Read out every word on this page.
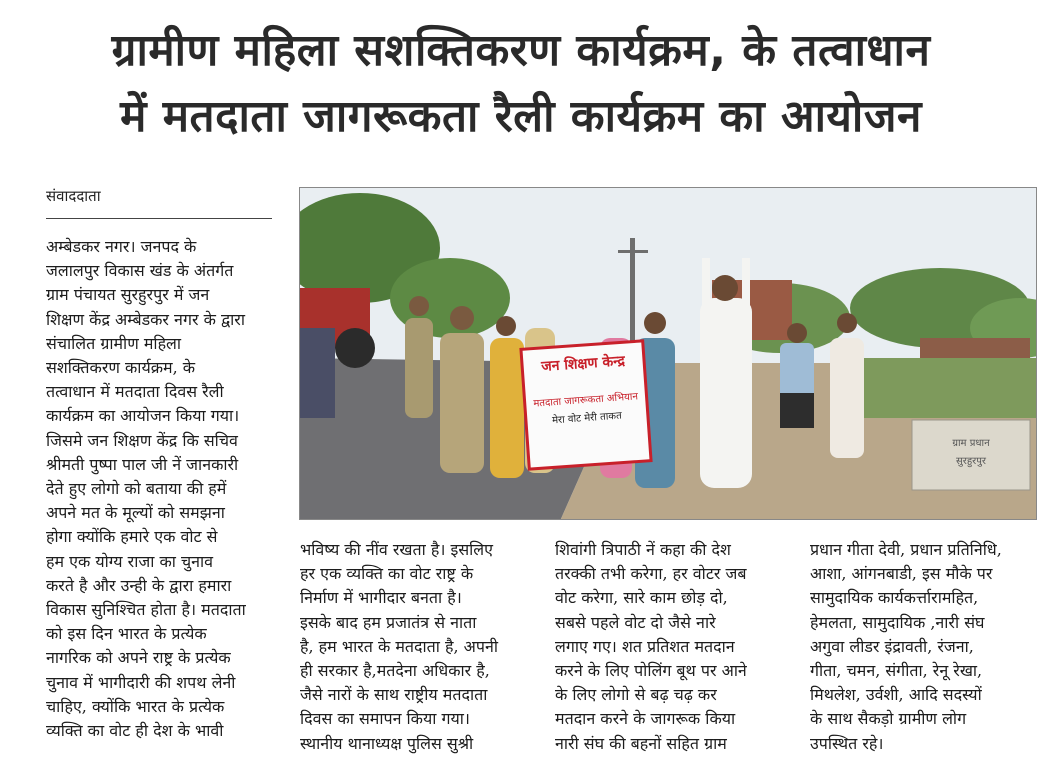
ग्रामीण महिला सशक्तिकरण कार्यक्रम, के तत्वाधान
में मतदाता जागरूकता रैली कार्यक्रम का आयोजन
संवाददाता
अम्बेडकर नगर। जनपद के
जलालपुर विकास खंड के अंतर्गत
ग्राम पंचायत सुरहुरपुर में जन
शिक्षण केंद्र अम्बेडकर नगर के द्वारा
संचालित ग्रामीण महिला
सशक्तिकरण कार्यक्रम, के
तत्वाधान में मतदाता दिवस रैली
कार्यक्रम का आयोजन किया गया।
जिसमे जन शिक्षण केंद्र कि सचिव
श्रीमती पुष्पा पाल जी नें जानकारी
देते हुए लोगो को बताया की हमें
अपने मत के मूल्यों को समझना
होगा क्योंकि हमारे एक वोट से
हम एक योग्य राजा का चुनाव
करते है और उन्ही के द्वारा हमारा
विकास सुनिश्चित होता है। मतदाता
को इस दिन भारत के प्रत्येक
नागरिक को अपने राष्ट्र के प्रत्येक
चुनाव में भागीदारी की शपथ लेनी
चाहिए, क्योंकि भारत के प्रत्येक
व्यक्ति का वोट ही देश के भावी
भविष्य की नींव रखता है। इसलिए
हर एक व्यक्ति का वोट राष्ट्र के
निर्माण में भागीदार बनता है।
इसके बाद हम प्रजातंत्र से नाता
है, हम भारत के मतदाता है, अपनी
ही सरकार है,मतदेना अधिकार है,
जैसे नारों के साथ राष्ट्रीय मतदाता
दिवस का समापन किया गया।
स्थानीय थानाध्यक्ष पुलिस सुश्री
शिवांगी त्रिपाठी नें कहा की देश
तरक्की तभी करेगा, हर वोटर जब
वोट करेगा, सारे काम छोड़ दो,
सबसे पहले वोट दो जैसे नारे
लगाए गए। शत प्रतिशत मतदान
करने के लिए पोलिंग बूथ पर आने
के लिए लोगो से बढ़ चढ़ कर
मतदान करने के जागरूक किया
नारी संघ की बहनों सहित ग्राम
प्रधान गीता देवी, प्रधान प्रतिनिधि,
आशा, आंगनबाडी, इस मौके पर
सामुदायिक कार्यकर्त्तारामहित,
हेमलता, सामुदायिक ,नारी संघ
अगुवा लीडर इंद्रावती, रंजना,
गीता, चमन, संगीता, रेनू रेखा,
मिथलेश, उर्वशी, आदि सदस्यों
के साथ सैकड़ो ग्रामीण लोग
उपस्थित रहे।
जन शिक्षण केन्द्र
मतदाता जागरूकता अभियान
मेरा वोट मेरी ताकत
ग्राम प्रधान
सुरहुरपुर
